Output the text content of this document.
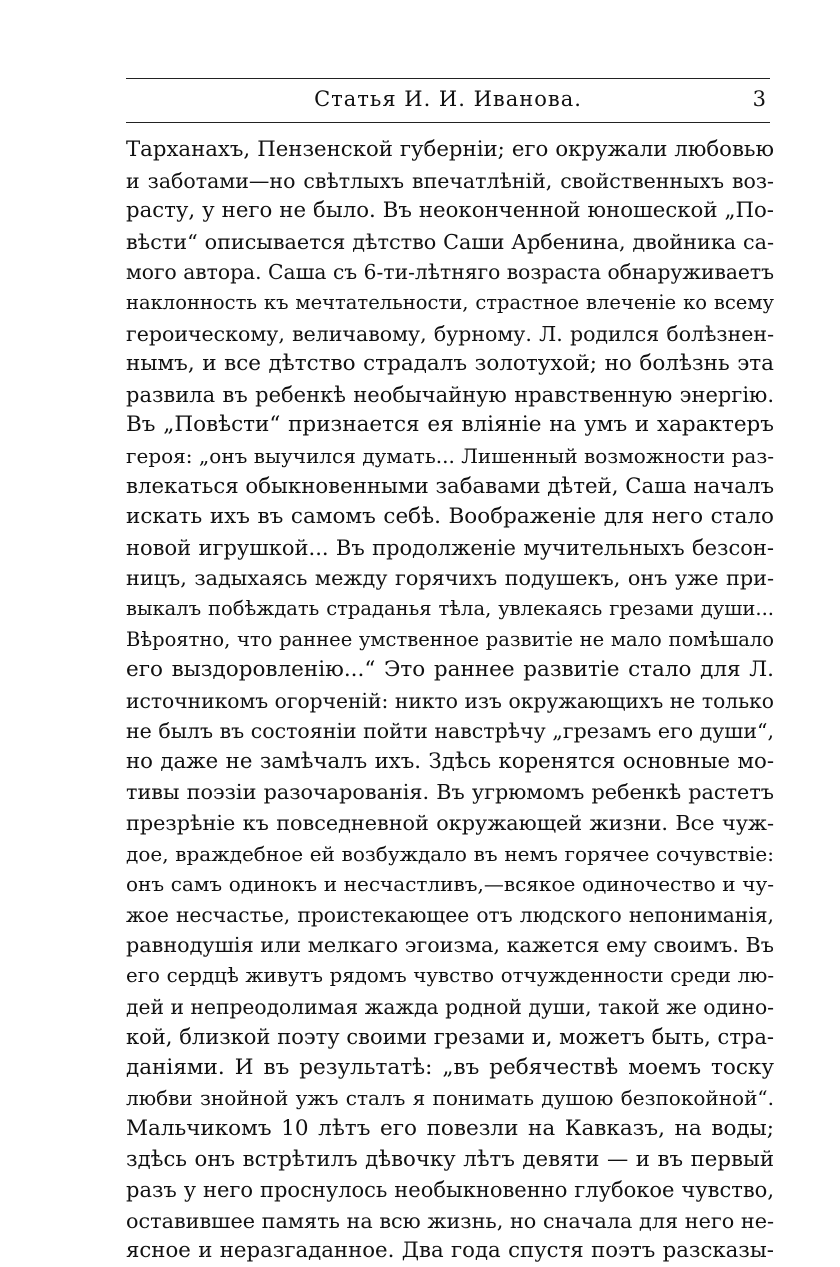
Статья И. И. Иванова.	3
Тарханахъ, Пензенской губерніи; его окружали любовью
и заботами—но свѣтлыхъ впечатлѣній, свойственныхъ воз-
расту, у него не было. Въ неоконченной юношеской „По-
вѣсти“ описывается дѣтство Саши Арбенина, двойника са-
мого автора. Саша съ 6-ти-лѣтняго возраста обнаруживаетъ
наклонность къ мечтательности, страстное влеченіе ко всему
героическому, величавому, бурному. Л. родился болѣзнен-
нымъ, и все дѣтство страдалъ золотухой; но болѣзнь эта
развила въ ребенкѣ необычайную нравственную энергію.
Въ „Повѣсти“ признается ея вліяніе на умъ и характеръ
героя: „онъ выучился думать... Лишенный возможности раз-
влекаться обыкновенными забавами дѣтей, Саша началъ
искать ихъ въ самомъ себѣ. Воображеніе для него стало
новой игрушкой... Въ продолженіе мучительныхъ безсон-
ницъ, задыхаясь между горячихъ подушекъ, онъ уже при-
выкалъ побѣждать страданья тѣла, увлекаясь грезами души...
Вѣроятно, что раннее умственное развитіе не мало помѣшало
его выздоровленію...“ Это раннее развитіе стало для Л.
источникомъ огорченій: никто изъ окружающихъ не только
не былъ въ состояніи пойти навстрѣчу „грезамъ его души“,
но даже не замѣчалъ ихъ. Здѣсь коренятся основные мо-
тивы поэзіи разочарованія. Въ угрюмомъ ребенкѣ растетъ
презрѣніе къ повседневной окружающей жизни. Все чуж-
дое, враждебное ей возбуждало въ немъ горячее сочувствіе:
онъ самъ одинокъ и несчастливъ,—всякое одиночество и чу-
жое несчастье, проистекающее отъ людского непониманія,
равнодушія или мелкаго эгоизма, кажется ему своимъ. Въ
его сердцѣ живутъ рядомъ чувство отчужденности среди лю-
дей и непреодолимая жажда родной души, такой же одино-
кой, близкой поэту своими грезами и, можетъ быть, стра-
даніями. И въ результатѣ: „въ ребячествѣ моемъ тоску
любви знойной ужъ сталъ я понимать душою безпокойной“.
Мальчикомъ 10 лѣтъ его повезли на Кавказъ, на воды;
здѣсь онъ встрѣтилъ дѣвочку лѣтъ девяти — и въ первый
разъ у него проснулось необыкновенно глубокое чувство,
оставившее память на всю жизнь, но сначала для него не-
ясное и неразгаданное. Два года спустя поэтъ разсказы-
